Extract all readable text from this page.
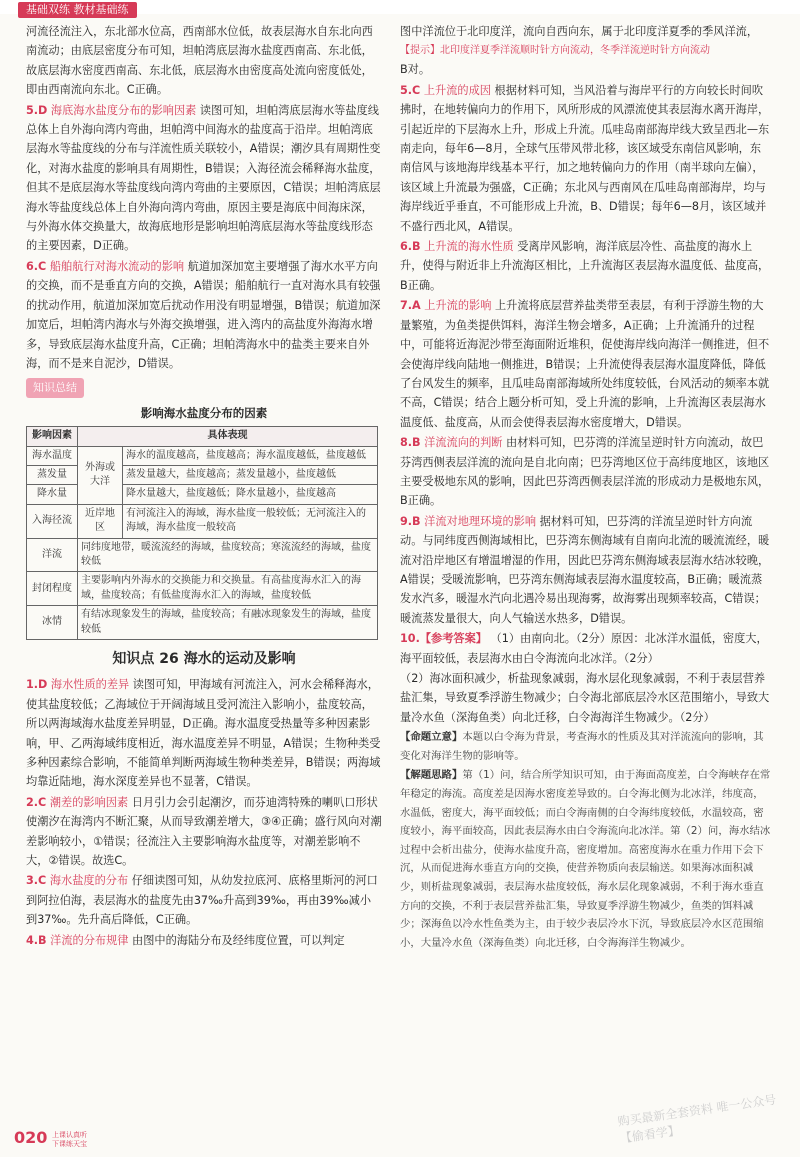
基础双练 教材基础练

河流径流注入，东北部水位高，西南部水位低，故表层海水自东北向西南流动；由底层密度分布可知，坦帕湾底层海水盐度西南高、东北低，故底层海水密度西南高、东北低，底层海水由密度高处流向密度低处，即由西南流向东北。C正确。

5.D 海底海水盐度分布的影响因素 读图可知，坦帕湾底层海水等盐度线总体上自外海向湾内弯曲，坦帕湾中间海水的盐度高于沿岸。坦帕湾底层海水等盐度线的分布与洋流性质关联较小，A错误；潮汐具有周期性变化，对海水盐度的影响具有周期性，B错误；入海径流会稀释海水盐度，但其不是底层海水等盐度线向湾内弯曲的主要原因，C错误；坦帕湾底层海水等盐度线总体上自外海向湾内弯曲，原因主要是海底中间海床深，与外海水体交换量大，故海底地形是影响坦帕湾底层海水等盐度线形态的主要因素，D正确。

6.C 船舶航行对海水流动的影响 航道加深加宽主要增强了海水水平方向的交换，而不是垂直方向的交换，A错误；船舶航行一直对海水具有较强的扰动作用，航道加深加宽后扰动作用没有明显增强，B错误；航道加深加宽后，坦帕湾内海水与外海交换增强，进入湾内的高盐度外海海水增多，导致底层海水盐度升高，C正确；坦帕湾海水中的盐类主要来自外海，而不是来自泥沙，D错误。

知识总结
影响海水盐度分布的因素
影响因素	具体表现	
海水温度	外海或大洋	海水的温度越高，盐度越高；海水温度越低，盐度越低
蒸发量		蒸发量越大，盐度越高；蒸发量越小，盐度越低
降水量		降水量越大，盐度越低；降水量越小，盐度越高
入海径流	近岸地区	有河流注入的海域，海水盐度一般较低；无河流注入的海域，海水盐度一般较高
洋流	同纬度地带，暖流流经的海域，盐度较高；寒流流经的海域，盐度较低	
封闭程度	主要影响内外海水的交换能力和交换量。有高盐度海水汇入的海域，盐度较高；有低盐度海水汇入的海域，盐度较低	
冰情	有结冰现象发生的海域，盐度较高；有融冰现象发生的海域，盐度较低	
知识点 26 海水的运动及影响

1.D 海水性质的差异 读图可知，甲海域有河流注入，河水会稀释海水，使其盐度较低；乙海域位于开阔海域且受河流注入影响小，盐度较高，所以两海域海水盐度差异明显，D正确。海水温度受热量等多种因素影响，甲、乙两海域纬度相近，海水温度差异不明显，A错误；生物种类受多种因素综合影响，不能简单判断两海域生物种类差异，B错误；两海域均靠近陆地，海水深度差异也不显著，C错误。

2.C 潮差的影响因素 日月引力会引起潮汐，而芬迪湾特殊的喇叭口形状使潮汐在海湾内不断汇聚，从而导致潮差增大，③④正确；盛行风向对潮差影响较小，①错误；径流注入主要影响海水盐度等，对潮差影响不大，②错误。故选C。

3.C 海水盐度的分布 仔细读图可知，从幼发拉底河、底格里斯河的河口到阿拉伯海，表层海水的盐度先由37‰升高到39‰，再由39‰减小到37‰。先升高后降低，C正确。

4.B 洋流的分布规律 由图中的海陆分布及经纬度位置，可以判定

图中洋流位于北印度洋，流向自西向东，属于北印度洋夏季的季风洋流，

【提示】北印度洋夏季洋流顺时针方向流动，冬季洋流逆时针方向流动

B对。

5.C 上升流的成因 根据材料可知，当风沿着与海岸平行的方向较长时间吹拂时，在地转偏向力的作用下，风所形成的风漂流使其表层海水离开海岸，引起近岸的下层海水上升，形成上升流。瓜哇岛南部海岸线大致呈西北—东南走向，每年6—8月，全球气压带风带北移，该区域受东南信风影响，东南信风与该地海岸线基本平行，加之地转偏向力的作用（南半球向左偏），该区域上升流最为强盛，C正确；东北风与西南风在瓜哇岛南部海岸，均与海岸线近乎垂直，不可能形成上升流，B、D错误；每年6—8月，该区域并不盛行西北风，A错误。

6.B 上升流的海水性质 受离岸风影响，海洋底层冷性、高盐度的海水上升，使得与附近非上升流海区相比，上升流海区表层海水温度低、盐度高，B正确。

7.A 上升流的影响 上升流将底层营养盐类带至表层，有利于浮游生物的大量繁殖，为鱼类提供饵料，海洋生物会增多，A正确；上升流涌升的过程中，可能将近海泥沙带至海面附近堆积，促使海岸线向海洋一侧推进，但不会使海岸线向陆地一侧推进，B错误；上升流使得表层海水温度降低，降低了台风发生的频率，且瓜哇岛南部海域所处纬度较低，台风活动的频率本就不高，C错误；结合上题分析可知，受上升流的影响，上升流海区表层海水温度低、盐度高，从而会使得表层海水密度增大，D错误。

8.B 洋流流向的判断 由材料可知，巴芬湾的洋流呈逆时针方向流动，故巴芬湾西侧表层洋流的流向是自北向南；巴芬湾地区位于高纬度地区，该地区主要受极地东风的影响，因此巴芬湾西侧表层洋流的形成动力是极地东风，B正确。

9.B 洋流对地理环境的影响 据材料可知，巴芬湾的洋流呈逆时针方向流动。与同纬度西侧海域相比，巴芬湾东侧海域有自南向北流的暖流流经，暖流对沿岸地区有增温增湿的作用，因此巴芬湾东侧海域表层海水结冰较晚，A错误；受暖流影响，巴芬湾东侧海域表层海水温度较高，B正确；暖流蒸发水汽多，暖湿水汽向北遇冷易出现海雾，故海雾出现频率较高，C错误；暖流蒸发量很大，向人气输送水热多，D错误。

10.【参考答案】 （1）由南向北。（2分）原因：北冰洋水温低，密度大，海平面较低，表层海水由白令海流向北冰洋。（2分）

（2）海冰面积减少，析盐现象减弱，海水层化现象减弱，不利于表层营养盐汇集，导致夏季浮游生物减少；白令海北部底层冷水区范围缩小，导致大量冷水鱼（深海鱼类）向北迁移，白令海海洋生物减少。（2分）

【命题立意】本题以白令海为背景，考查海水的性质及其对洋流流向的影响，其变化对海洋生物的影响等。

【解题思路】第（1）问，结合所学知识可知，由于海面高度差，白令海峡存在常年稳定的海流。高度差是因海水密度差导致的。白令海北侧为北冰洋，纬度高，水温低，密度大，海平面较低；而白令海南侧的白令海纬度较低，水温较高，密度较小，海平面较高，因此表层海水由白令海流向北冰洋。第（2）问，海水结冰过程中会析出盐分，使海水盐度升高，密度增加。高密度海水在重力作用下会下沉，从而促进海水垂直方向的交换，使营养物质向表层输送。如果海冰面积减少，则析盐现象减弱，表层海水盐度较低，海水层化现象减弱，不利于海水垂直方向的交换，不利于表层营养盐汇集，导致夏季浮游生物减少，鱼类的饵料减少；深海鱼以冷水性鱼类为主，由于较少表层冷水下沉，导致底层冷水区范围缩小，大量冷水鱼（深海鱼类）向北迁移，白令海海洋生物减少。

020 上课认真听
下课练天宝
购买最新全套资料 唯一公众号【偷看学】
